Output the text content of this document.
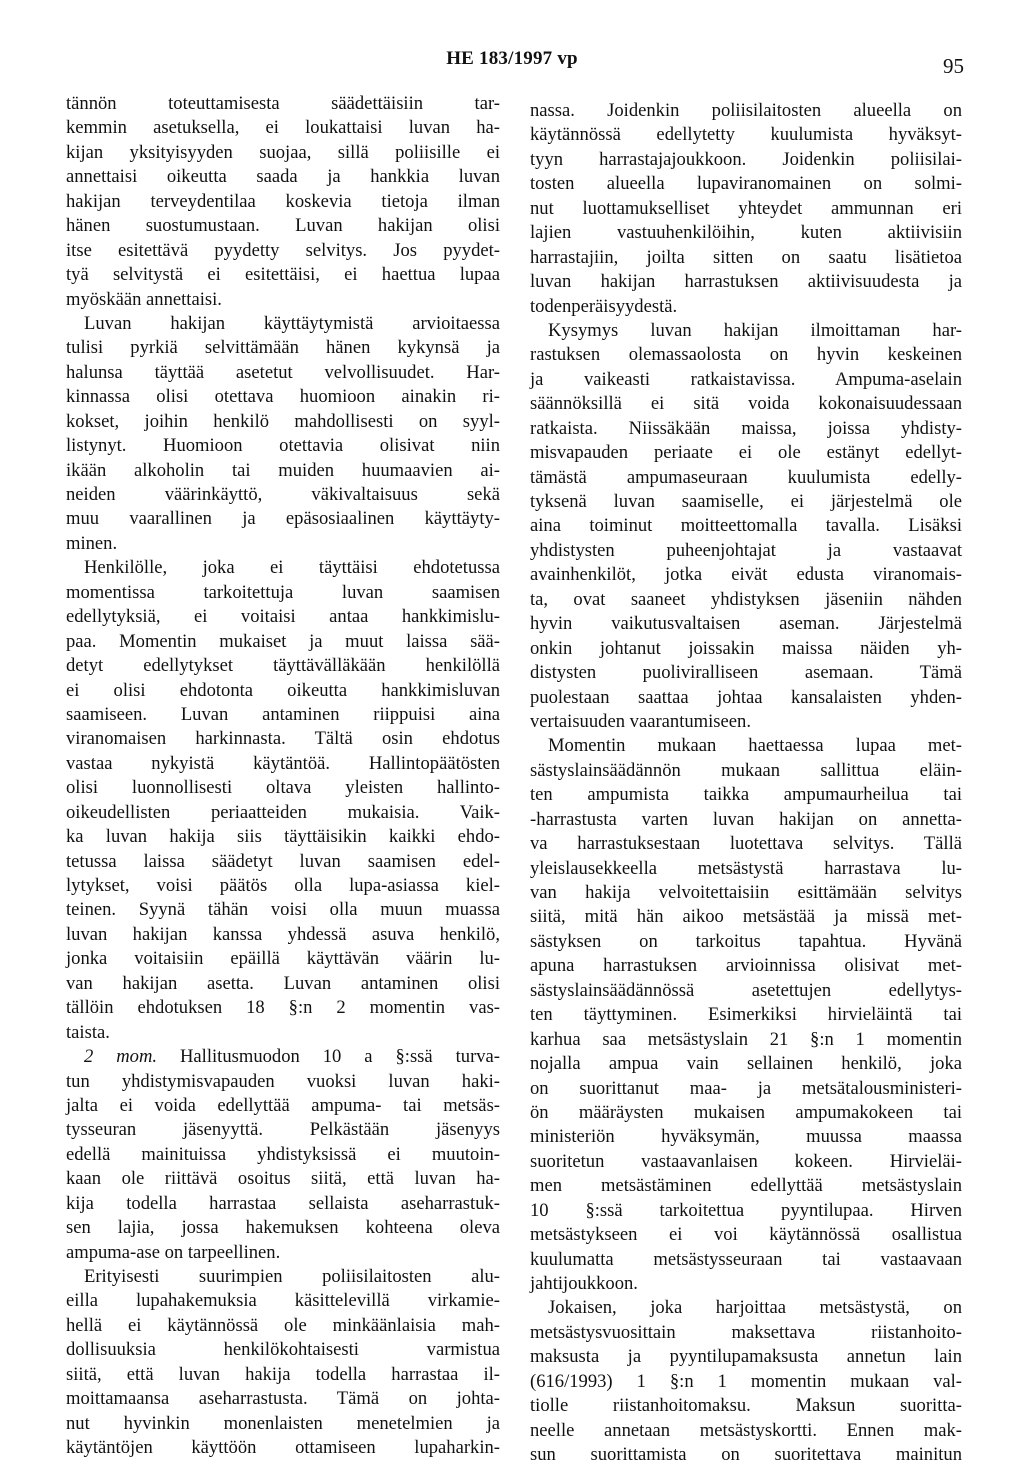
HE 183/1997 vp	95
tännön toteuttamisesta säädettäisiin tar-
kemmin asetuksella, ei loukattaisi luvan ha-
kijan yksityisyyden suojaa, sillä poliisille ei
annettaisi oikeutta saada ja hankkia luvan
hakijan terveydentilaa koskevia tietoja ilman
hänen suostumustaan. Luvan hakijan olisi
itse esitettävä pyydetty selvitys. Jos pyydet-
tyä selvitystä ei esitettäisi, ei haettua lupaa
myöskään annettaisi.
Luvan hakijan käyttäytymistä arvioitaessa
tulisi pyrkiä selvittämään hänen kykynsä ja
halunsa täyttää asetetut velvollisuudet. Har-
kinnassa olisi otettava huomioon ainakin ri-
kokset, joihin henkilö mahdollisesti on syyl-
listynyt. Huomioon otettavia olisivat niin
ikään alkoholin tai muiden huumaavien ai-
neiden väärinkäyttö, väkivaltaisuus sekä
muu vaarallinen ja epäsosiaalinen käyttäyty-
minen.
Henkilölle, joka ei täyttäisi ehdotetussa
momentissa tarkoitettuja luvan saamisen
edellytyksiä, ei voitaisi antaa hankkimislu-
paa. Momentin mukaiset ja muut laissa sää-
detyt edellytykset täyttävälläkään henkilöllä
ei olisi ehdotonta oikeutta hankkimisluvan
saamiseen. Luvan antaminen riippuisi aina
viranomaisen harkinnasta. Tältä osin ehdotus
vastaa nykyistä käytäntöä. Hallintopäätösten
olisi luonnollisesti oltava yleisten hallinto-
oikeudellisten periaatteiden mukaisia. Vaik-
ka luvan hakija siis täyttäisikin kaikki ehdo-
tetussa laissa säädetyt luvan saamisen edel-
lytykset, voisi päätös olla lupa-asiassa kiel-
teinen. Syynä tähän voisi olla muun muassa
luvan hakijan kanssa yhdessä asuva henkilö,
jonka voitaisiin epäillä käyttävän väärin lu-
van hakijan asetta. Luvan antaminen olisi
tällöin ehdotuksen 18 §:n 2 momentin vas-
taista.
2 mom. Hallitusmuodon 10 a §:ssä turva-
tun yhdistymisvapauden vuoksi luvan haki-
jalta ei voida edellyttää ampuma- tai metsäs-
tysseuran jäsenyyttä. Pelkästään jäsenyys
edellä mainituissa yhdistyksissä ei muutoin-
kaan ole riittävä osoitus siitä, että luvan ha-
kija todella harrastaa sellaista aseharrastuk-
sen lajia, jossa hakemuksen kohteena oleva
ampuma-ase on tarpeellinen.
Erityisesti suurimpien poliisilaitosten alu-
eilla lupahakemuksia käsittelevillä virkamie-
hellä ei käytännössä ole minkäänlaisia mah-
dollisuuksia henkilökohtaisesti varmistua
siitä, että luvan hakija todella harrastaa il-
moittamaansa aseharrastusta. Tämä on johta-
nut hyvinkin monenlaisten menetelmien ja
käytäntöjen käyttöön ottamiseen lupaharkin-
nassa. Joidenkin poliisilaitosten alueella on
käytännössä edellytetty kuulumista hyväksyt-
tyyn harrastajajoukkoon. Joidenkin poliisilai-
tosten alueella lupaviranomainen on solmi-
nut luottamukselliset yhteydet ammunnan eri
lajien vastuuhenkilöihin, kuten aktiivisiin
harrastajiin, joilta sitten on saatu lisätietoa
luvan hakijan harrastuksen aktiivisuudesta ja
todenperäisyydestä.
Kysymys luvan hakijan ilmoittaman har-
rastuksen olemassaolosta on hyvin keskeinen
ja vaikeasti ratkaistavissa. Ampuma-aselain
säännöksillä ei sitä voida kokonaisuudessaan
ratkaista. Niissäkään maissa, joissa yhdisty-
misvapauden periaate ei ole estänyt edellyt-
tämästä ampumaseuraan kuulumista edelly-
tyksenä luvan saamiselle, ei järjestelmä ole
aina toiminut moitteettomalla tavalla. Lisäksi
yhdistysten puheenjohtajat ja vastaavat
avainhenkilöt, jotka eivät edusta viranomais-
ta, ovat saaneet yhdistyksen jäseniin nähden
hyvin vaikutusvaltaisen aseman. Järjestelmä
onkin johtanut joissakin maissa näiden yh-
distysten puoliviralliseen asemaan. Tämä
puolestaan saattaa johtaa kansalaisten yhden-
vertaisuuden vaarantumiseen.
Momentin mukaan haettaessa lupaa met-
sästyslainsäädännön mukaan sallittua eläin-
ten ampumista taikka ampumaurheilua tai
-harrastusta varten luvan hakijan on annetta-
va harrastuksestaan luotettava selvitys. Tällä
yleislausekkeella metsästystä harrastava lu-
van hakija velvoitettaisiin esittämään selvitys
siitä, mitä hän aikoo metsästää ja missä met-
sästyksen on tarkoitus tapahtua. Hyvänä
apuna harrastuksen arvioinnissa olisivat met-
sästyslainsäädännössä asetettujen edellytys-
ten täyttyminen. Esimerkiksi hirvieläintä tai
karhua saa metsästyslain 21 §:n 1 momentin
nojalla ampua vain sellainen henkilö, joka
on suorittanut maa- ja metsätalousministeri-
ön määräysten mukaisen ampumakokeen tai
ministeriön hyväksymän, muussa maassa
suoritetun vastaavanlaisen kokeen. Hirvieläi-
men metsästäminen edellyttää metsästyslain
10 §:ssä tarkoitettua pyyntilupaa. Hirven
metsästykseen ei voi käytännössä osallistua
kuulumatta metsästysseuraan tai vastaavaan
jahtijoukkoon.
Jokaisen, joka harjoittaa metsästystä, on
metsästysvuosittain maksettava riistanhoito-
maksusta ja pyyntilupamaksusta annetun lain
(616/1993) 1 §:n 1 momentin mukaan val-
tiolle riistanhoitomaksu. Maksun suoritta-
neelle annetaan metsästyskortti. Ennen mak-
sun suorittamista on suoritettava mainitun
